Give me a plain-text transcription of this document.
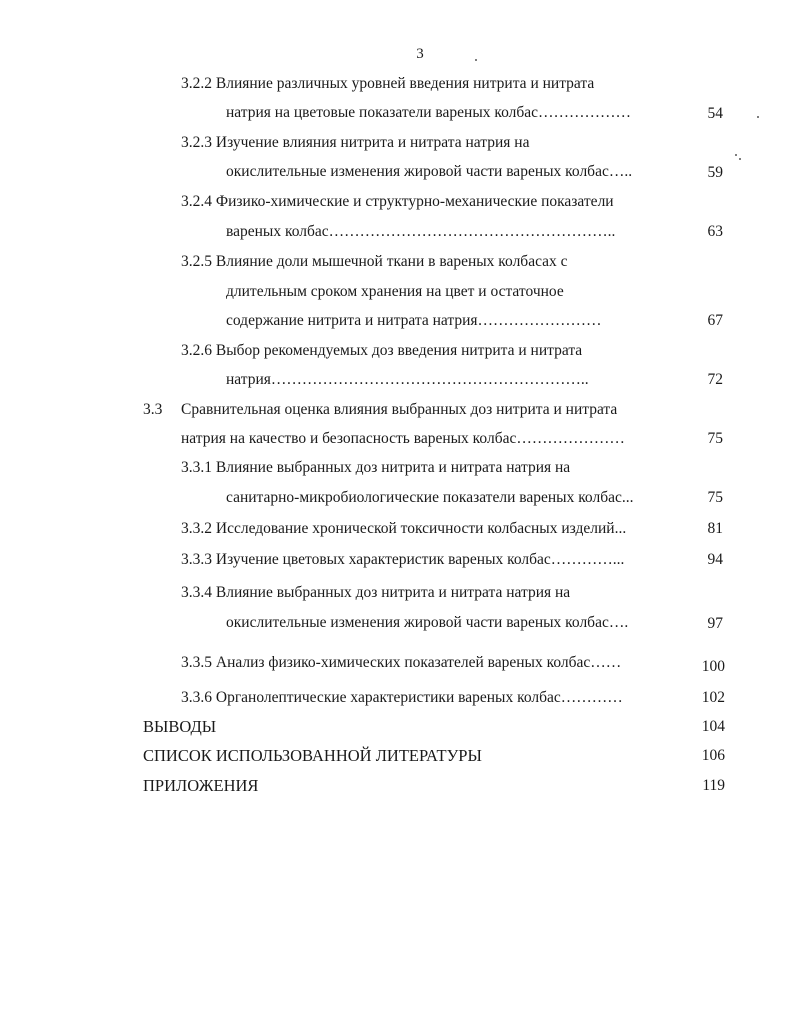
3
3.2.2 Влияние различных уровней введения нитрита и нитрата
натрия на цветовые показатели вареных колбас………………	54
3.2.3 Изучение влияния нитрита и нитрата натрия на
окислительные изменения жировой части вареных колбас…..	59
3.2.4 Физико-химические и структурно-механические показатели
вареных колбас………………………………………………..	63
3.2.5 Влияние доли мышечной ткани в вареных колбасах с
длительным сроком хранения на цвет и остаточное
содержание нитрита и нитрата натрия……………………	67
3.2.6 Выбор рекомендуемых доз введения нитрита и нитрата
натрия……………………………………………………..	72
3.3 Сравнительная оценка влияния выбранных доз нитрита и нитрата
натрия на качество и безопасность вареных колбас…………………	75
3.3.1 Влияние выбранных доз нитрита и нитрата натрия на
санитарно-микробиологические показатели вареных колбас...	75
3.3.2 Исследование хронической токсичности колбасных изделий...	81
3.3.3 Изучение цветовых характеристик вареных колбас…………...	94
3.3.4 Влияние выбранных доз нитрита и нитрата натрия на
окислительные изменения жировой части вареных колбас….	97
3.3.5 Анализ физико-химических показателей вареных колбас……	100
3.3.6 Органолептические характеристики вареных колбас…………	102
ВЫВОДЫ	104
СПИСОК ИСПОЛЬЗОВАННОЙ ЛИТЕРАТУРЫ	106
ПРИЛОЖЕНИЯ	119
